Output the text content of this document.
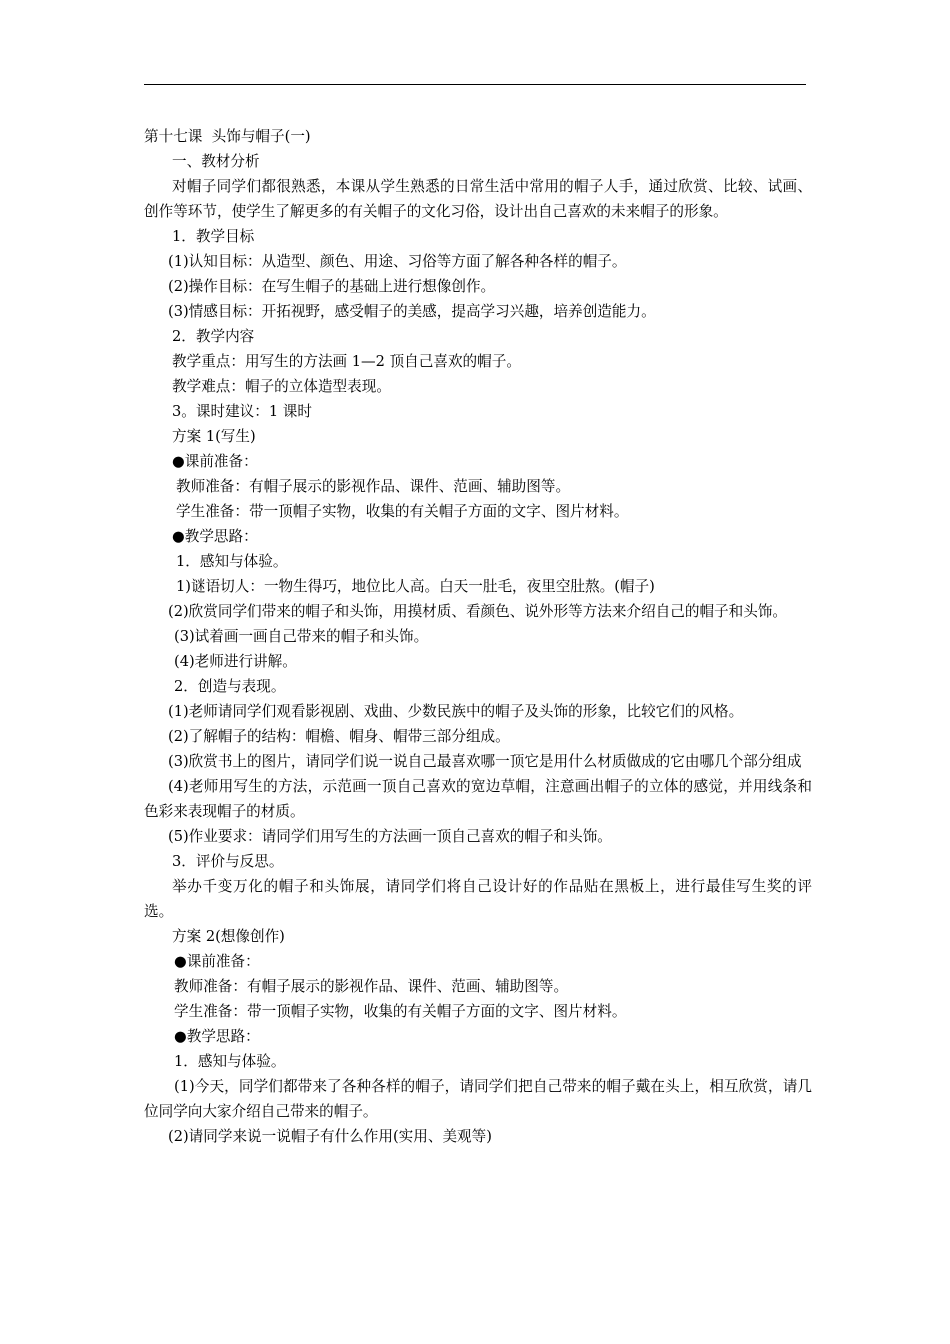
第十七课  头饰与帽子(一)

一、教材分析

对帽子同学们都很熟悉，本课从学生熟悉的日常生活中常用的帽子人手，通过欣赏、比较、试画、创作等环节，使学生了解更多的有关帽子的文化习俗，设计出自己喜欢的未来帽子的形象。

1．教学目标

(1)认知目标：从造型、颜色、用途、习俗等方面了解各种各样的帽子。

(2)操作目标：在写生帽子的基础上进行想像创作。

(3)情感目标：开拓视野，感受帽子的美感，提高学习兴趣，培养创造能力。

2．教学内容

教学重点：用写生的方法画 1—2 顶自己喜欢的帽子。

教学难点：帽子的立体造型表现。

3。课时建议：1 课时

方案 1(写生)

●课前准备：

教师准备：有帽子展示的影视作品、课件、范画、辅助图等。

学生准备：带一顶帽子实物，收集的有关帽子方面的文字、图片材料。

●教学思路：

1．感知与体验。

1)谜语切人：一物生得巧，地位比人高。白天一肚毛，夜里空肚熬。(帽子)

(2)欣赏同学们带来的帽子和头饰，用摸材质、看颜色、说外形等方法来介绍自己的帽子和头饰。

(3)试着画一画自己带来的帽子和头饰。

(4)老师进行讲解。

2．创造与表现。

(1)老师请同学们观看影视剧、戏曲、少数民族中的帽子及头饰的形象，比较它们的风格。

(2)了解帽子的结构：帽檐、帽身、帽带三部分组成。

(3)欣赏书上的图片，请同学们说一说自己最喜欢哪一顶它是用什么材质做成的它由哪几个部分组成

(4)老师用写生的方法，示范画一顶自己喜欢的宽边草帽，注意画出帽子的立体的感觉，并用线条和色彩来表现帽子的材质。

(5)作业要求：请同学们用写生的方法画一顶自己喜欢的帽子和头饰。

3．评价与反思。

举办千变万化的帽子和头饰展，请同学们将自己设计好的作品贴在黑板上，进行最佳写生奖的评选。

方案 2(想像创作)

●课前准备：

教师准备：有帽子展示的影视作品、课件、范画、辅助图等。

学生准备：带一顶帽子实物，收集的有关帽子方面的文字、图片材料。

●教学思路：

1．感知与体验。

(1)今天，同学们都带来了各种各样的帽子，请同学们把自己带来的帽子戴在头上，相互欣赏，请几位同学向大家介绍自己带来的帽子。

(2)请同学来说一说帽子有什么作用(实用、美观等)
